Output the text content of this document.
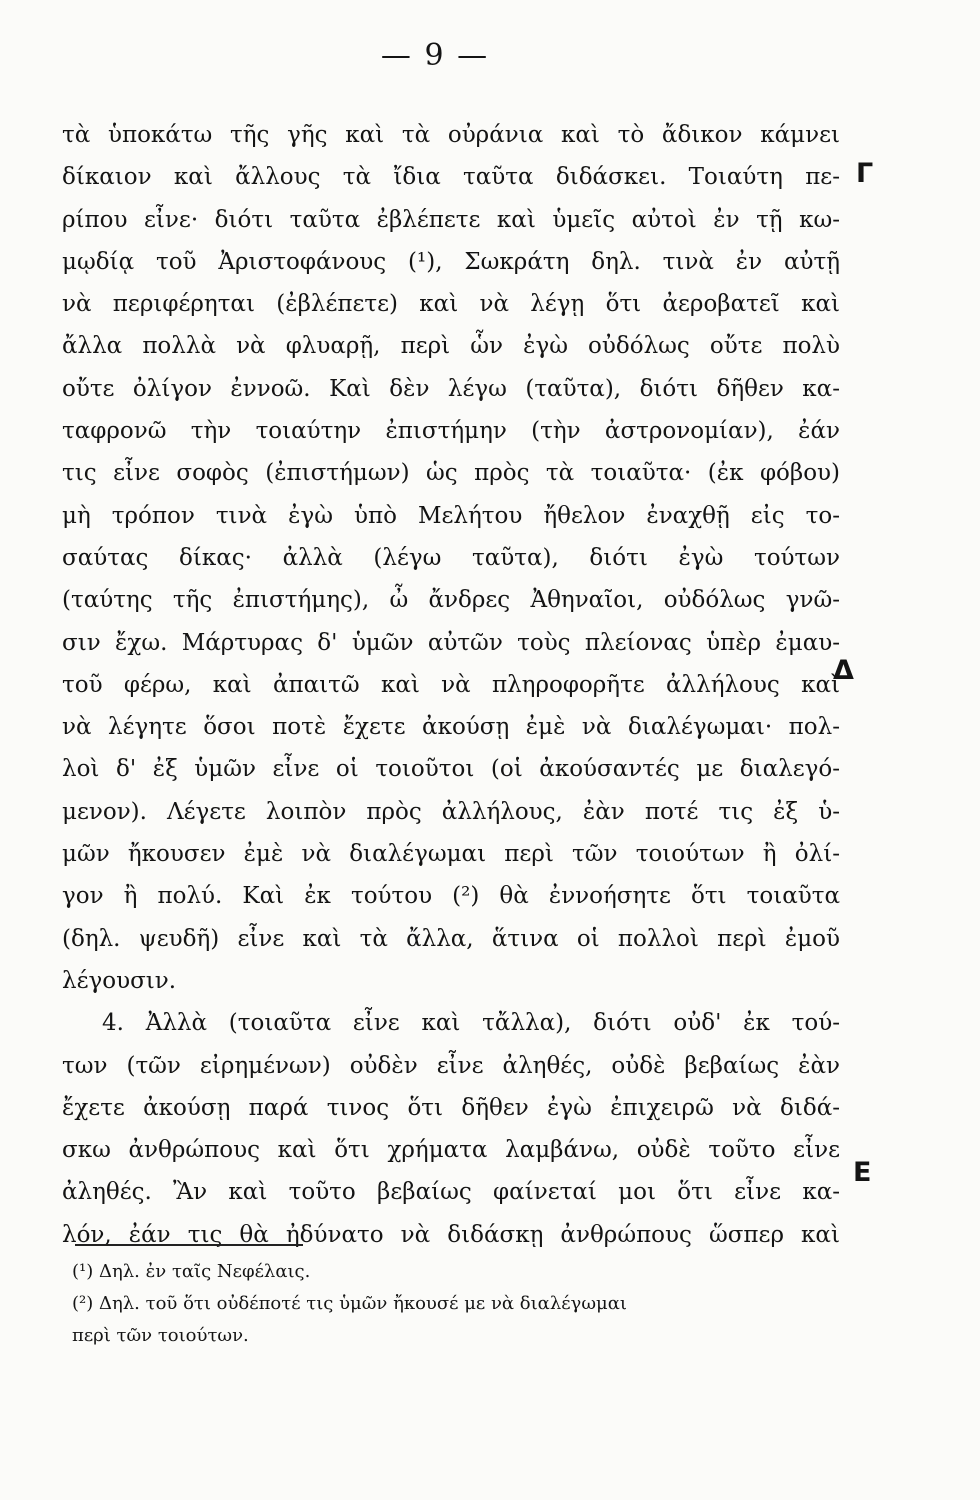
— 9 —
τὰ ὑποκάτω τῆς γῆς καὶ τὰ οὐράνια καὶ τὸ ἄδικον κάμνει
δίκαιον καὶ ἄλλους τὰ ἴδια ταῦτα διδάσκει. Τοιαύτη πε-
ρίπου εἶνε· διότι ταῦτα ἐβλέπετε καὶ ὑμεῖς αὐτοὶ ἐν τῇ κω-
μῳδίᾳ τοῦ Ἀριστοφάνους (¹), Σωκράτη δηλ. τινὰ ἐν αὐτῇ
νὰ περιφέρηται (ἐβλέπετε) καὶ νὰ λέγῃ ὅτι ἀεροβατεῖ καὶ
ἄλλα πολλὰ νὰ φλυαρῇ, περὶ ὧν ἐγὼ οὐδόλως οὔτε πολὺ
οὔτε ὀλίγον ἐννοῶ. Καὶ δὲν λέγω (ταῦτα), διότι δῆθεν κα-
ταφρονῶ τὴν τοιαύτην ἐπιστήμην (τὴν ἀστρονομίαν), ἐάν
τις εἶνε σοφὸς (ἐπιστήμων) ὡς πρὸς τὰ τοιαῦτα· (ἐκ φόβου)
μὴ τρόπον τινὰ ἐγὼ ὑπὸ Μελήτου ἤθελον ἐναχθῇ εἰς το-
σαύτας δίκας· ἀλλὰ (λέγω ταῦτα), διότι ἐγὼ τούτων
(ταύτης τῆς ἐπιστήμης), ὦ ἄνδρες Ἀθηναῖοι, οὐδόλως γνῶ-
σιν ἔχω. Μάρτυρας δ' ὑμῶν αὐτῶν τοὺς πλείονας ὑπὲρ ἐμαυ-
τοῦ φέρω, καὶ ἀπαιτῶ καὶ νὰ πληροφορῆτε ἀλλήλους καὶ
νὰ λέγητε ὅσοι ποτὲ ἔχετε ἀκούσῃ ἐμὲ νὰ διαλέγωμαι· πολ-
λοὶ δ' ἐξ ὑμῶν εἶνε οἱ τοιοῦτοι (οἱ ἀκούσαντές με διαλεγό-
μενον). Λέγετε λοιπὸν πρὸς ἀλλήλους, ἐὰν ποτέ τις ἐξ ὑ-
μῶν ἤκουσεν ἐμὲ νὰ διαλέγωμαι περὶ τῶν τοιούτων ἢ ὀλί-
γον ἢ πολύ. Καὶ ἐκ τούτου (²) θὰ ἐννοήσητε ὅτι τοιαῦτα
(δηλ. ψευδῆ) εἶνε καὶ τὰ ἄλλα, ἅτινα οἱ πολλοὶ περὶ ἐμοῦ
λέγουσιν.
4. Ἀλλὰ (τοιαῦτα εἶνε καὶ τἄλλα), διότι οὐδ' ἐκ τού-
των (τῶν εἰρημένων) οὐδὲν εἶνε ἀληθές, οὐδὲ βεβαίως ἐὰν
ἔχετε ἀκούσῃ παρά τινος ὅτι δῆθεν ἐγὼ ἐπιχειρῶ νὰ διδά-
σκω ἀνθρώπους καὶ ὅτι χρήματα λαμβάνω, οὐδὲ τοῦτο εἶνε
ἀληθές. Ἂν καὶ τοῦτο βεβαίως φαίνεταί μοι ὅτι εἶνε κα-
λόν, ἐάν τις θὰ ἠδύνατο νὰ διδάσκῃ ἀνθρώπους ὥσπερ καὶ
Γ
Δ
Ε
(¹) Δηλ. ἐν ταῖς Νεφέλαις.
(²) Δηλ. τοῦ ὅτι οὐδέποτέ τις ὑμῶν ἤκουσέ με νὰ διαλέγωμαι
περὶ τῶν τοιούτων.
